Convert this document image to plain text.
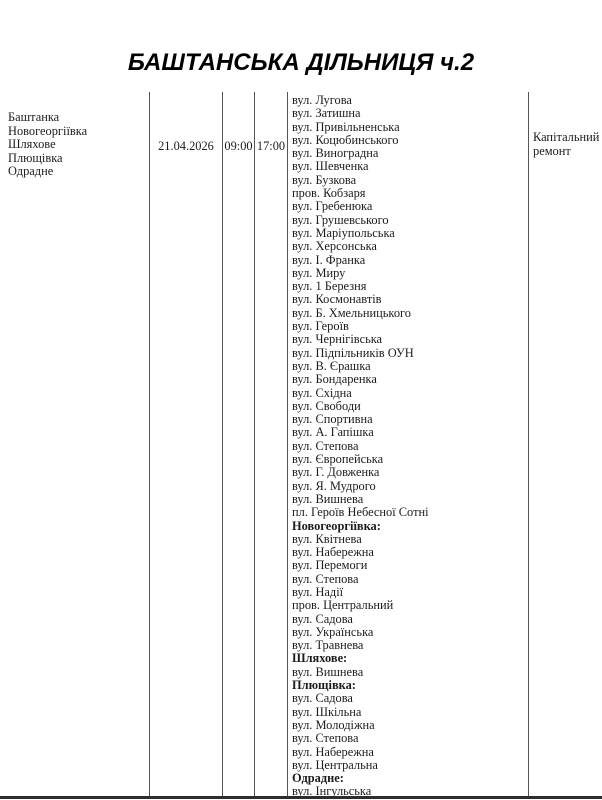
БАШТАНСЬКА ДІЛЬНИЦЯ ч.2
Баштанка
Новогеоргіївка
Шляхове
Плющівка
Одрадне
21.04.2026 09:00 17:00
вул. Лугова
вул. Затишна
вул. Привільненська
вул. Коцюбинського
вул. Виноградна
вул. Шевченка
вул. Бузкова
пров. Кобзаря
вул. Гребенюка
вул. Грушевського
вул. Маріупольська
вул. Херсонська
вул. І. Франка
вул. Миру
вул. 1 Березня
вул. Космонавтів
вул. Б. Хмельницького
вул. Героїв
вул. Чернігівська
вул. Підпільників ОУН
вул. В. Єрашка
вул. Бондаренка
вул. Східна
вул. Свободи
вул. Спортивна
вул. А. Гапішка
вул. Степова
вул. Європейська
вул. Г. Довженка
вул. Я. Мудрого
вул. Вишнева
пл. Героїв Небесної Сотні
Новогеоргіївка:
вул. Квітнева
вул. Набережна
вул. Перемоги
вул. Степова
вул. Надії
пров. Центральний
вул. Садова
вул. Українська
вул. Травнева
Шляхове:
вул. Вишнева
Плющівка:
вул. Садова
вул. Шкільна
вул. Молодіжна
вул. Степова
вул. Набережна
вул. Центральна
Одрадне:
вул. Інгульська
Капітальний ремонт
